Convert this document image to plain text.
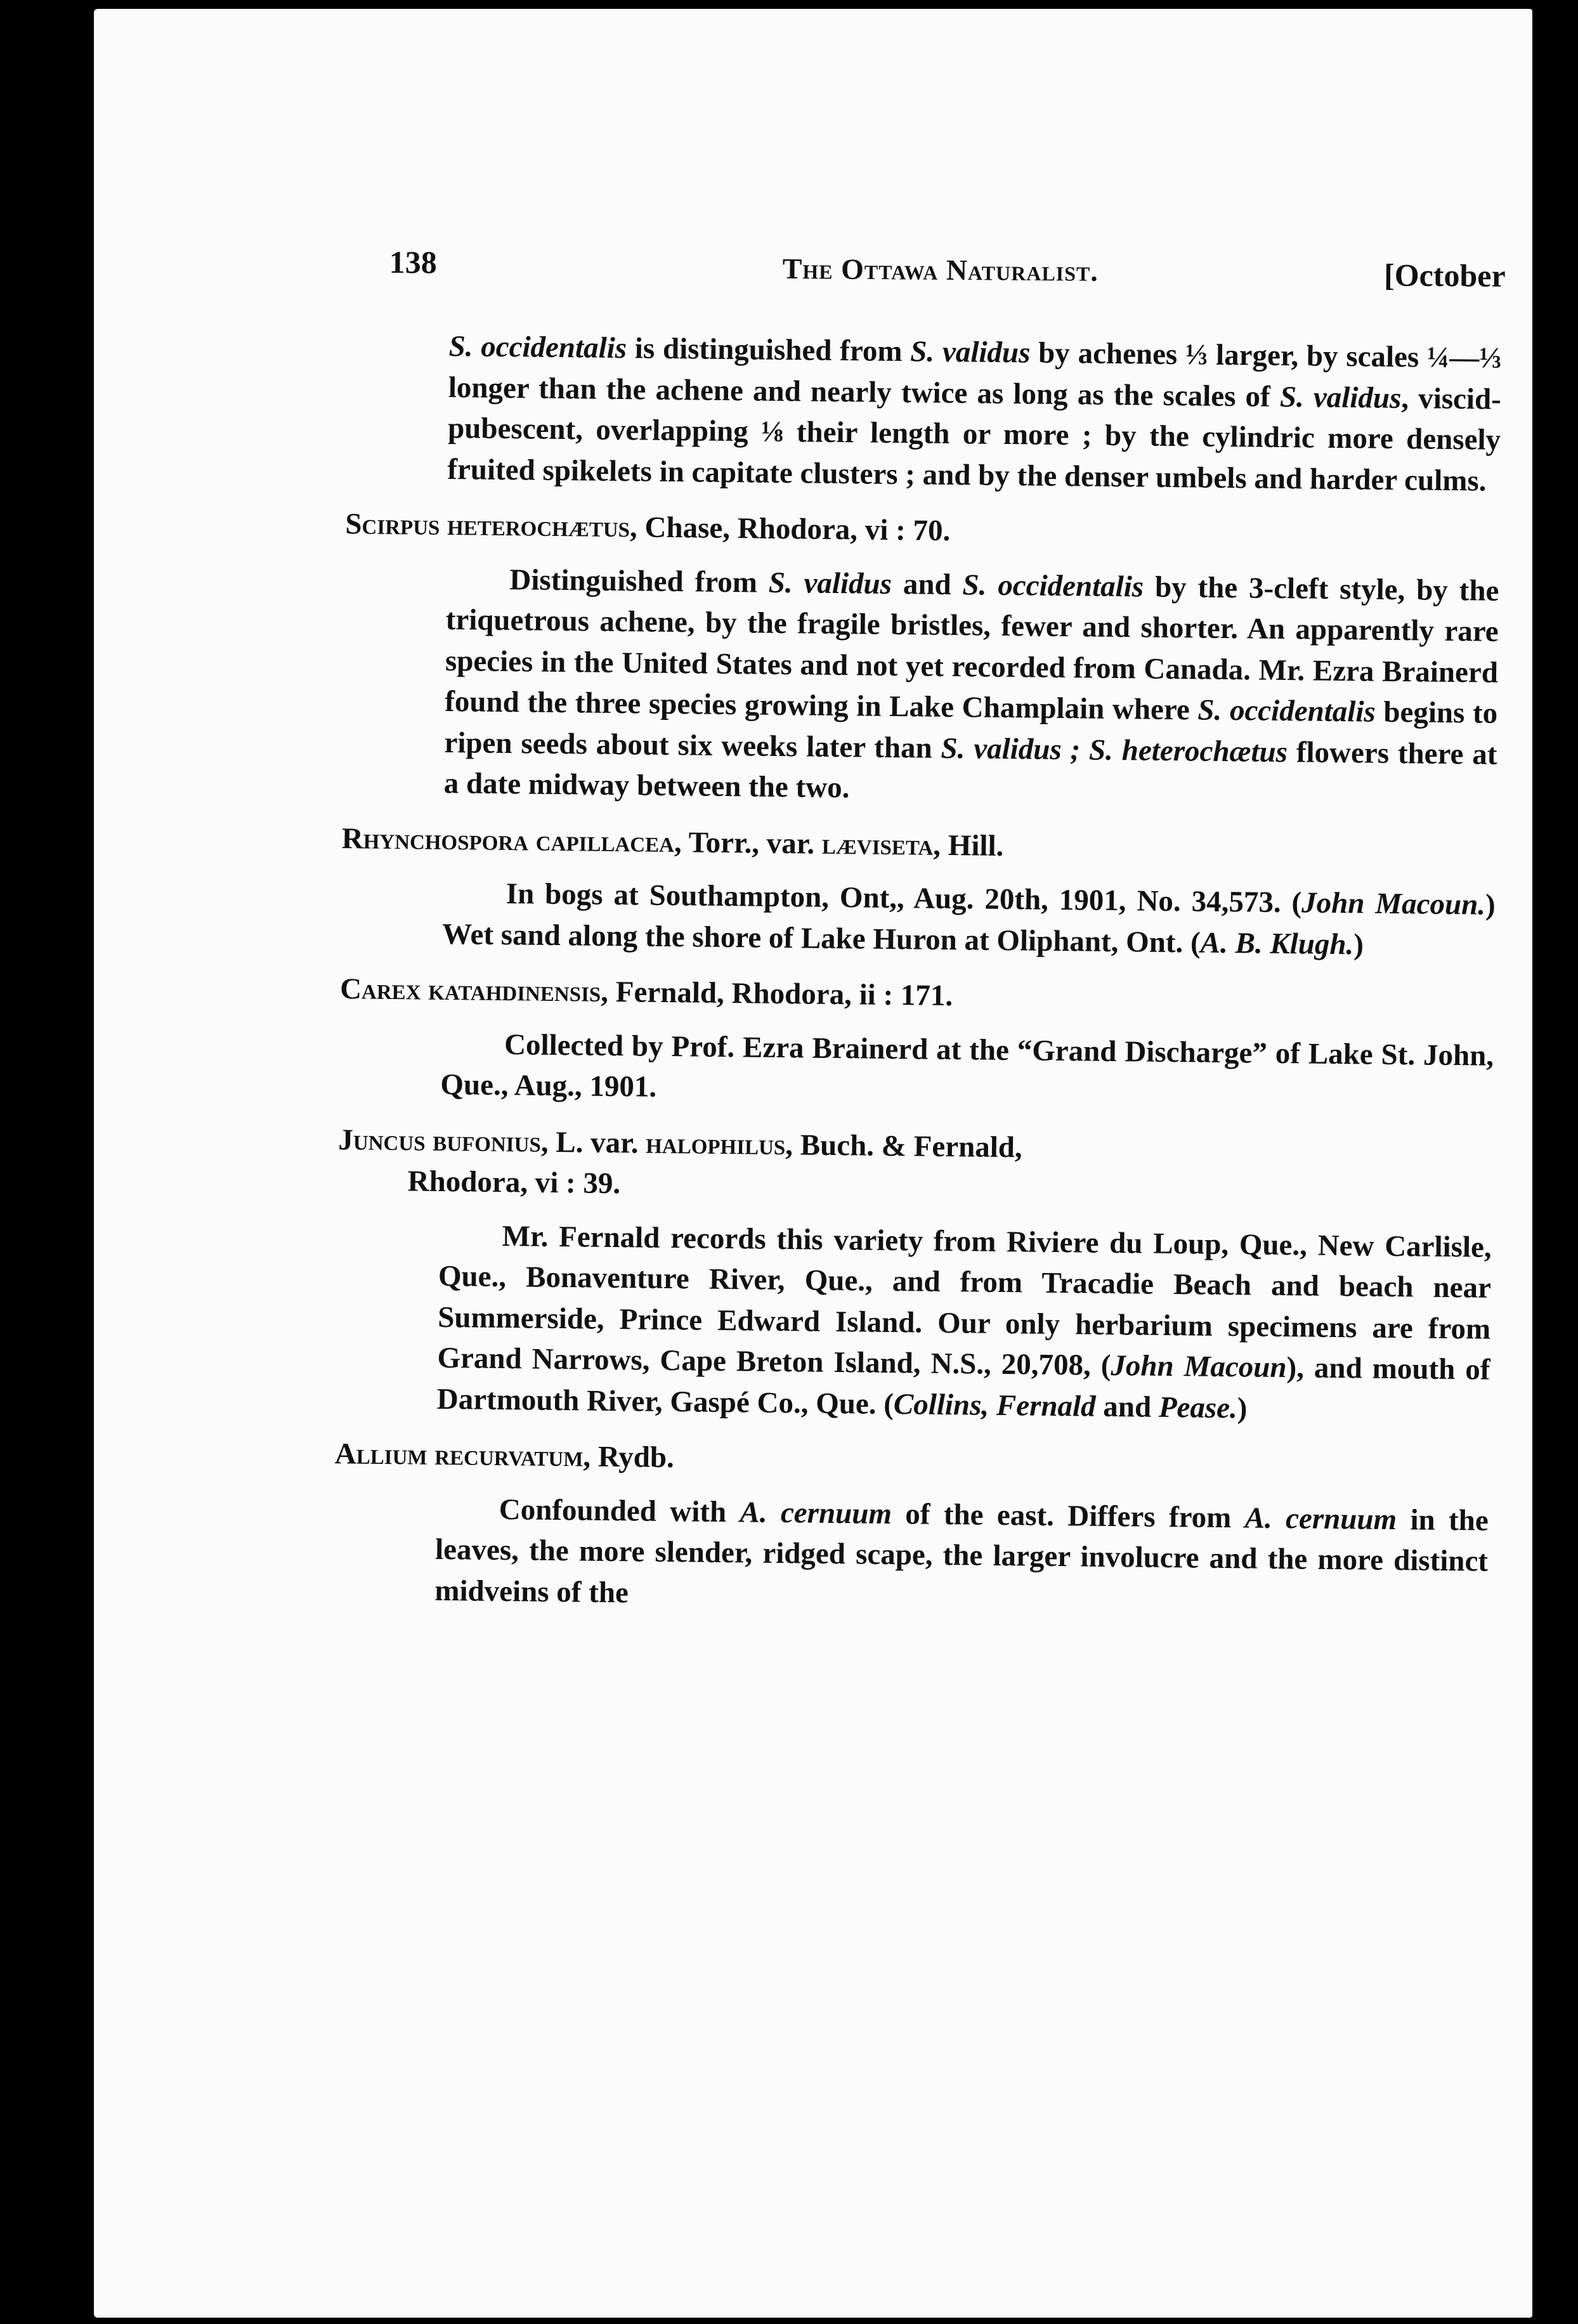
138	The Ottawa Naturalist.	[October

S. occidentalis is distinguished from S. validus by achenes ⅓ larger, by scales ¼—⅓ longer than the achene and nearly twice as long as the scales of S. validus, viscid-pubescent, overlapping ⅛ their length or more ; by the cylindric more densely fruited spikelets in capitate clusters ; and by the denser umbels and harder culms.

Scirpus heterochætus, Chase, Rhodora, vi : 70.

Distinguished from S. validus and S. occidentalis by the 3-cleft style, by the triquetrous achene, by the fragile bristles, fewer and shorter. An apparently rare species in the United States and not yet recorded from Canada. Mr. Ezra Brainerd found the three species growing in Lake Champlain where S. occidentalis begins to ripen seeds about six weeks later than S. validus ; S. heterochætus flowers there at a date midway between the two.

Rhynchospora capillacea, Torr., var. læviseta, Hill.

In bogs at Southampton, Ont,, Aug. 20th, 1901, No. 34,573. (John Macoun.) Wet sand along the shore of Lake Huron at Oliphant, Ont. (A. B. Klugh.)

Carex katahdinensis, Fernald, Rhodora, ii : 171.

Collected by Prof. Ezra Brainerd at the “Grand Discharge” of Lake St. John, Que., Aug., 1901.

Juncus bufonius, L. var. halophilus, Buch. & Fernald,
Rhodora, vi : 39.

Mr. Fernald records this variety from Riviere du Loup, Que., New Carlisle, Que., Bonaventure River, Que., and from Tracadie Beach and beach near Summerside, Prince Edward Island. Our only herbarium specimens are from Grand Narrows, Cape Breton Island, N.S., 20,708, (John Macoun), and mouth of Dartmouth River, Gaspé Co., Que. (Collins, Fernald and Pease.)

Allium recurvatum, Rydb.

Confounded with A. cernuum of the east. Differs from A. cernuum in the leaves, the more slender, ridged scape, the larger involucre and the more distinct midveins of the
